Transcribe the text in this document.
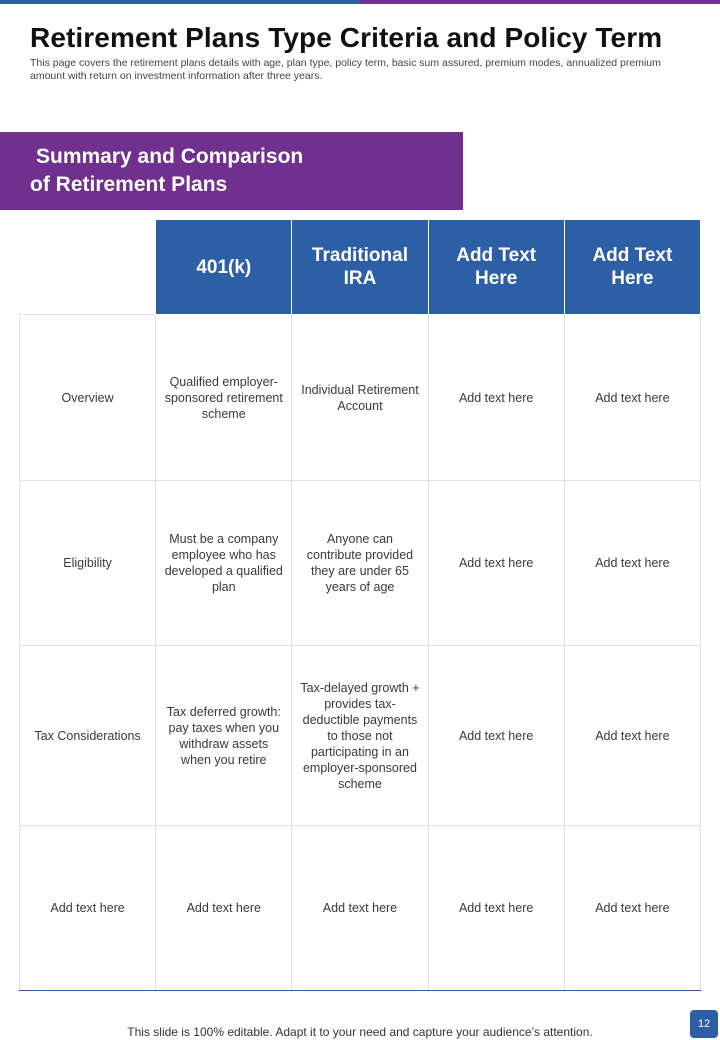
Retirement Plans Type Criteria and Policy Term
This page covers the retirement plans details with age, plan type, policy term, basic sum assured, premium modes, annualized premium amount with return on investment information after three years.
Summary and Comparison
of Retirement Plans
	401(k)	Traditional IRA	Add Text Here	Add Text Here
Overview	Qualified employer-sponsored retirement scheme	Individual Retirement Account	Add text here	Add text here
Eligibility	Must be a company employee who has developed a qualified plan	Anyone can contribute provided they are under 65 years of age	Add text here	Add text here
Tax Considerations	Tax deferred growth: pay taxes when you withdraw assets when you retire	Tax-delayed growth + provides tax-deductible payments to those not participating in an employer-sponsored scheme	Add text here	Add text here
Add text here	Add text here	Add text here	Add text here	Add text here
This slide is 100% editable. Adapt it to your need and capture your audience’s attention.
12
